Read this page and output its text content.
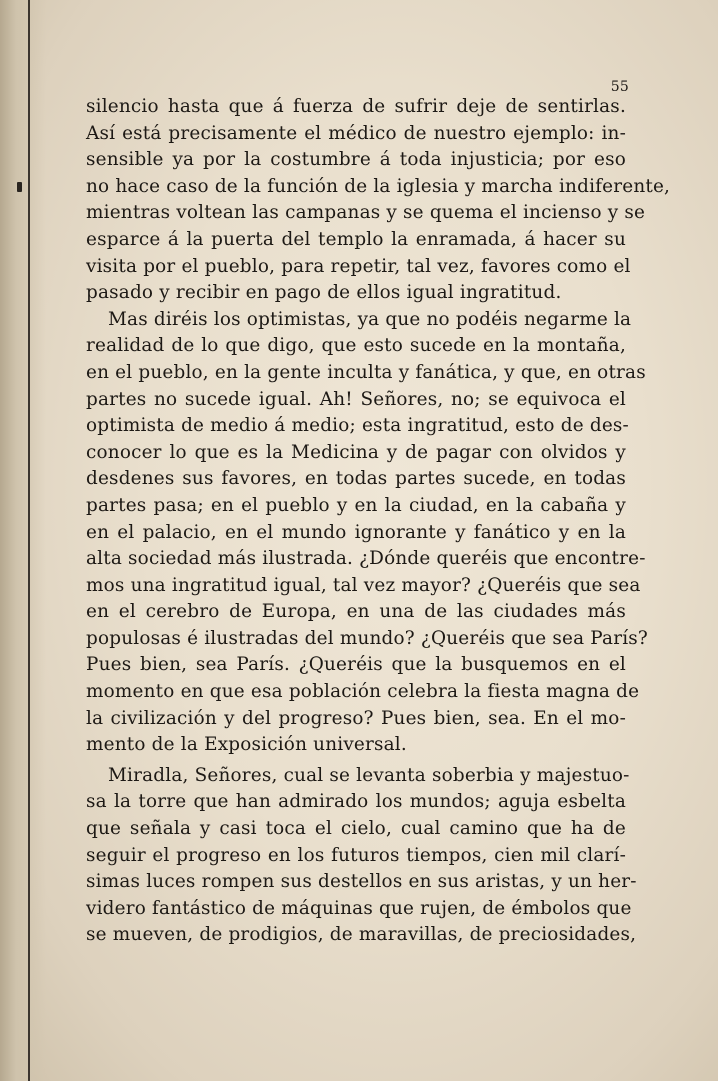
55
silencio hasta que á fuerza de sufrir deje de sentirlas.
Así está precisamente el médico de nuestro ejemplo: in-
sensible ya por la costumbre á toda injusticia; por eso
no hace caso de la función de la iglesia y marcha indiferente,
mientras voltean las campanas y se quema el incienso y se
esparce á la puerta del templo la enramada, á hacer su
visita por el pueblo, para repetir, tal vez, favores como el
pasado y recibir en pago de ellos igual ingratitud.
Mas diréis los optimistas, ya que no podéis negarme la
realidad de lo que digo, que esto sucede en la montaña,
en el pueblo, en la gente inculta y fanática, y que, en otras
partes no sucede igual. Ah! Señores, no; se equivoca el
optimista de medio á medio; esta ingratitud, esto de des-
conocer lo que es la Medicina y de pagar con olvidos y
desdenes sus favores, en todas partes sucede, en todas
partes pasa; en el pueblo y en la ciudad, en la cabaña y
en el palacio, en el mundo ignorante y fanático y en la
alta sociedad más ilustrada. ¿Dónde queréis que encontre-
mos una ingratitud igual, tal vez mayor? ¿Queréis que sea
en el cerebro de Europa, en una de las ciudades más
populosas é ilustradas del mundo? ¿Queréis que sea París?
Pues bien, sea París. ¿Queréis que la busquemos en el
momento en que esa población celebra la fiesta magna de
la civilización y del progreso? Pues bien, sea. En el mo-
mento de la Exposición universal.
Miradla, Señores, cual se levanta soberbia y majestuo-
sa la torre que han admirado los mundos; aguja esbelta
que señala y casi toca el cielo, cual camino que ha de
seguir el progreso en los futuros tiempos, cien mil clarí-
simas luces rompen sus destellos en sus aristas, y un her-
videro fantástico de máquinas que rujen, de émbolos que
se mueven, de prodigios, de maravillas, de preciosidades,
